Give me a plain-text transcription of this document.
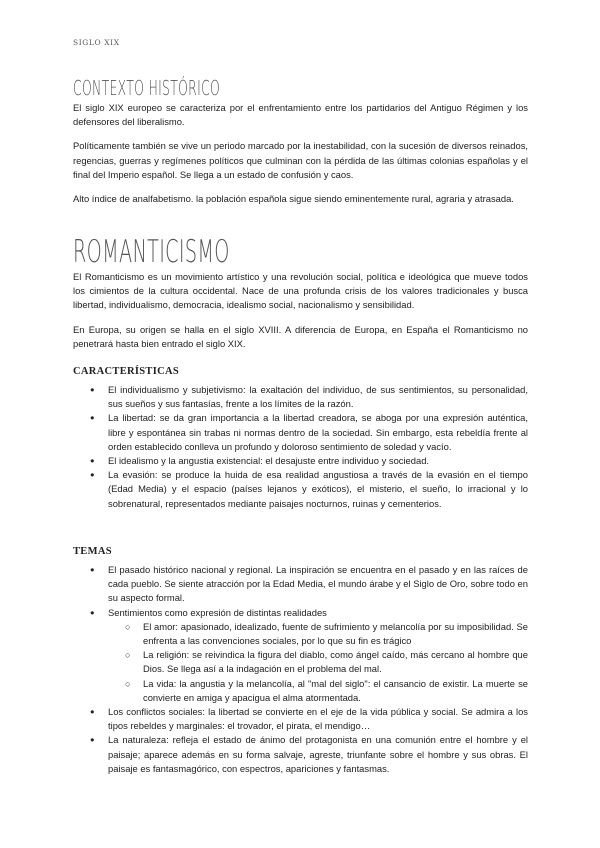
SIGLO XIX
CONTEXTO HISTÓRICO

El siglo XIX europeo se caracteriza por el enfrentamiento entre los partidarios del Antiguo Régimen y los defensores del liberalismo.

Políticamente también se vive un periodo marcado por la inestabilidad, con la sucesión de diversos reinados, regencias, guerras y regímenes políticos que culminan con la pérdida de las últimas colonias españolas y el final del Imperio español. Se llega a un estado de confusión y caos.

Alto índice de analfabetismo. la población española sigue siendo eminentemente rural, agraria y atrasada.

ROMANTICISMO

El Romanticismo es un movimiento artístico y una revolución social, política e ideológica que mueve todos los cimientos de la cultura occidental. Nace de una profunda crisis de los valores tradicionales y busca libertad, individualismo, democracia, idealismo social, nacionalismo y sensibilidad.

En Europa, su origen se halla en el siglo XVIII. A diferencia de Europa, en España el Romanticismo no penetrará hasta bien entrado el siglo XIX.

CARACTERÍSTICAS
● El individualismo y subjetivismo: la exaltación del individuo, de sus sentimientos, su personalidad, sus sueños y sus fantasías, frente a los límites de la razón.
● La libertad: se da gran importancia a la libertad creadora, se aboga por una expresión auténtica, libre y espontánea sin trabas ni normas dentro de la sociedad. Sin embargo, esta rebeldía frente al orden establecido conlleva un profundo y doloroso sentimiento de soledad y vacío.
● El idealismo y la angustia existencial: el desajuste entre individuo y sociedad.
● La evasión: se produce la huida de esa realidad angustiosa a través de la evasión en el tiempo (Edad Media) y el espacio (países lejanos y exóticos), el misterio, el sueño, lo irracional y lo sobrenatural, representados mediante paisajes nocturnos, ruinas y cementerios.
TEMAS
● El pasado histórico nacional y regional. La inspiración se encuentra en el pasado y en las raíces de cada pueblo. Se siente atracción por la Edad Media, el mundo árabe y el Siglo de Oro, sobre todo en su aspecto formal.
● Sentimientos como expresión de distintas realidades
○ El amor: apasionado, idealizado, fuente de sufrimiento y melancolía por su imposibilidad. Se enfrenta a las convenciones sociales, por lo que su fin es trágico
○ La religión: se reivindica la figura del diablo, como ángel caído, más cercano al hombre que Dios. Se llega así a la indagación en el problema del mal.
○ La vida: la angustia y la melancolía, al "mal del siglo": el cansancio de existir. La muerte se convierte en amiga y apacigua el alma atormentada.
● Los conflictos sociales: la libertad se convierte en el eje de la vida pública y social. Se admira a los tipos rebeldes y marginales: el trovador, el pirata, el mendigo…
● La naturaleza: refleja el estado de ánimo del protagonista en una comunión entre el hombre y el paisaje; aparece además en su forma salvaje, agreste, triunfante sobre el hombre y sus obras. El paisaje es fantasmagórico, con espectros, apariciones y fantasmas.
